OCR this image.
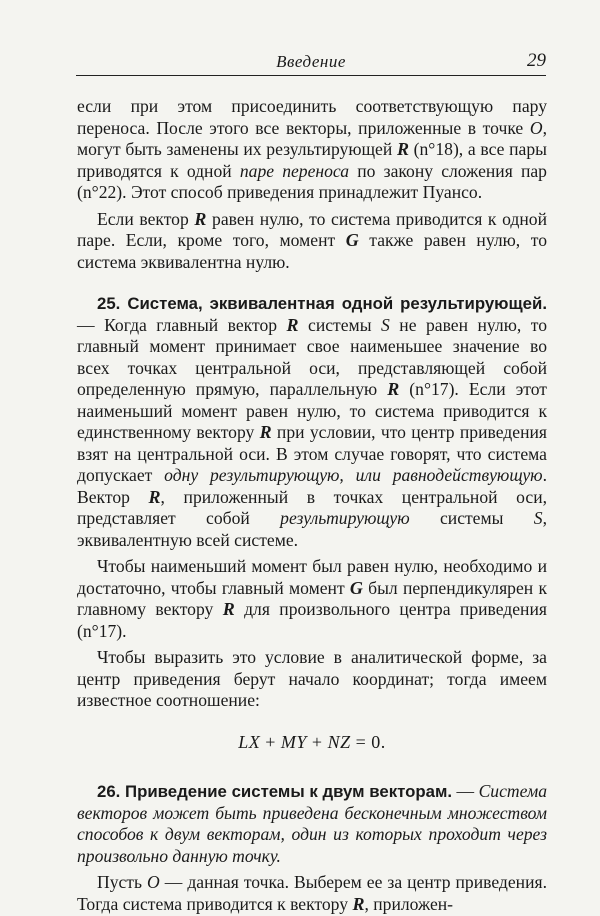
Введение	29

если при этом присоединить соответствующую пару переноса. После этого все векторы, приложенные в точке O, могут быть заменены их результирующей R (n°18), а все пары приводятся к одной паре переноса по закону сложения пар (n°22). Этот способ приведения принадлежит Пуансо.

Если вектор R равен нулю, то система приводится к одной паре. Если, кроме того, момент G также равен нулю, то система эквивалентна нулю.

25. Система, эквивалентная одной результирующей. — Когда главный вектор R системы S не равен нулю, то главный момент принимает свое наименьшее значение во всех точках центральной оси, представляющей собой определенную прямую, параллельную R (n°17). Если этот наименьший момент равен нулю, то система приводится к единственному вектору R при условии, что центр приведения взят на центральной оси. В этом случае говорят, что система допускает одну результирующую, или равнодействующую. Вектор R, приложенный в точках центральной оси, представляет собой результирующую системы S, эквивалентную всей системе.

Чтобы наименьший момент был равен нулю, необходимо и достаточно, чтобы главный момент G был перпендикулярен к главному вектору R для произвольного центра приведения (n°17).

Чтобы выразить это условие в аналитической форме, за центр приведения берут начало координат; тогда имеем известное соотношение:

LX + MY + NZ = 0.

26. Приведение системы к двум векторам. — Система векторов может быть приведена бесконечным множеством способов к двум векторам, один из которых проходит через произвольно данную точку.

Пусть O — данная точка. Выберем ее за центр приведения. Тогда система приводится к вектору R, приложен-
